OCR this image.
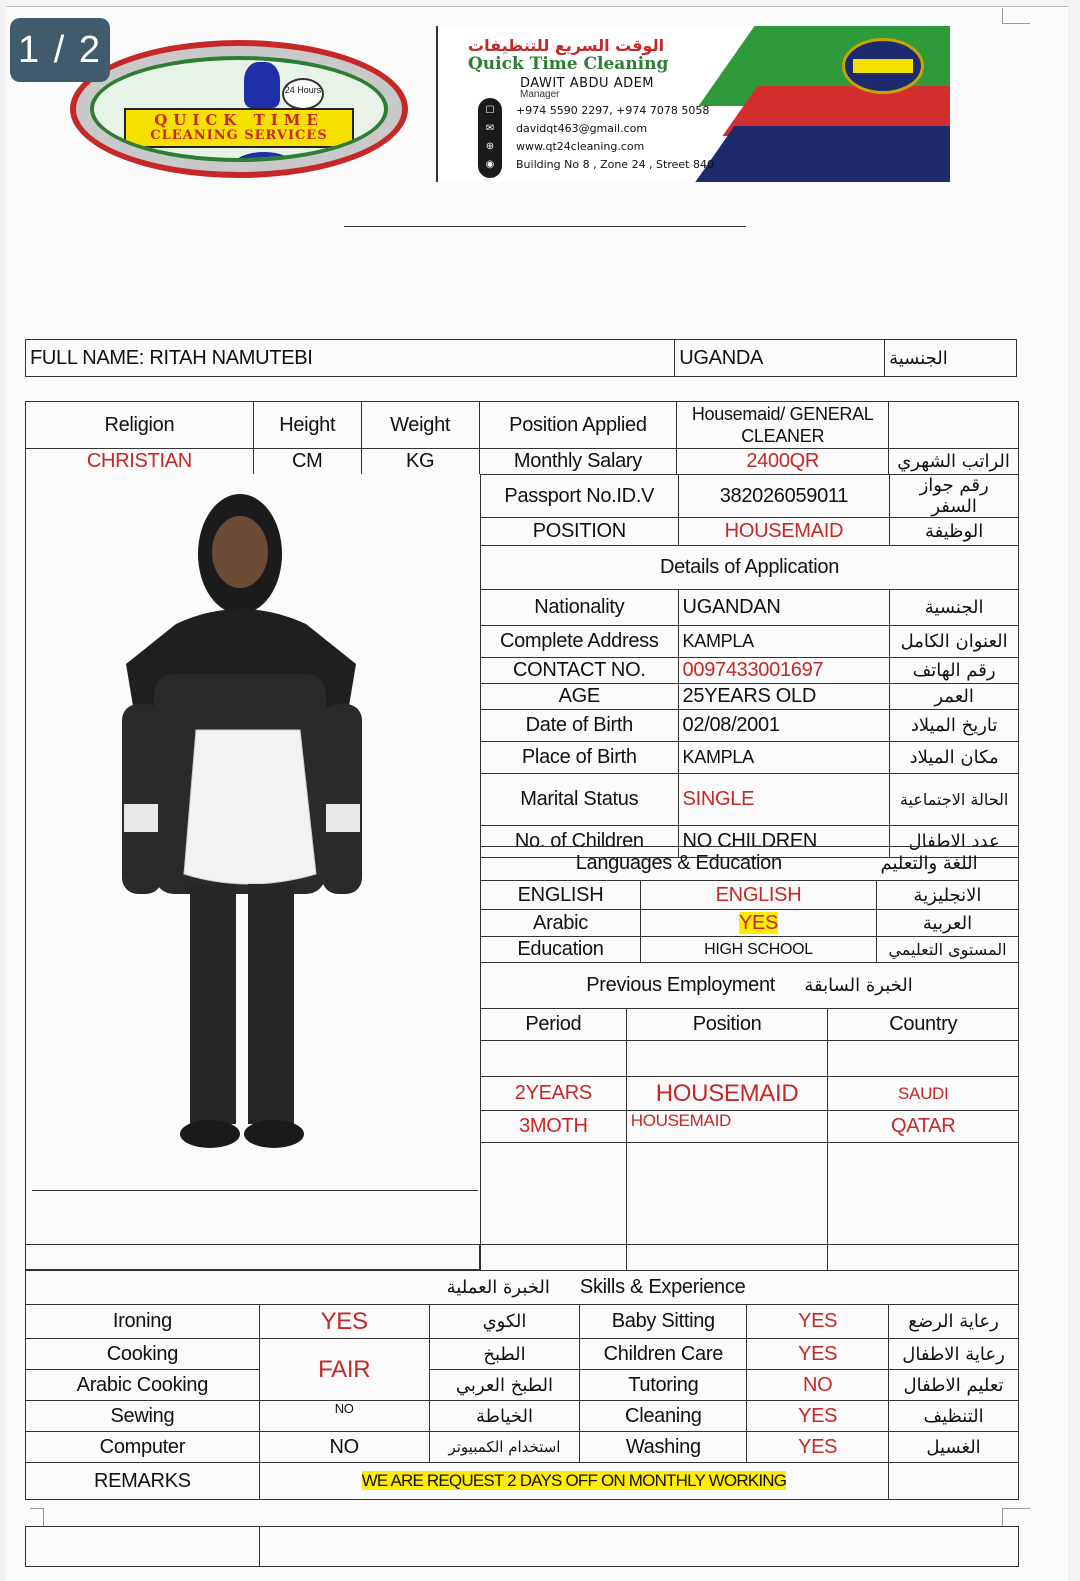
1 / 2
24 Hours
QUICK TIME
CLEANING SERVICES
الوقت السريع للتنظيفات
Quick Time Cleaning
DAWIT ABDU ADEM
Manager
☐
✉
⊕
◉
+974 5590 2297, +974 7078 5058
davidqt463@gmail.com
www.qt24cleaning.com
Building No 8 , Zone 24 , Street 840
FULL NAME: RITAH NAMUTEBI	UGANDA	الجنسية
Religion	Height	Weight	Position Applied	Housemaid/ GENERAL CLEANER	
CHRISTIAN	CM	KG	Monthly Salary	2400QR	الراتب الشهري
Passport No.ID.V	382026059011	رقم جواز السفر
POSITION	HOUSEMAID	الوظيفة
Details of Application		
Nationality	UGANDAN	الجنسية
Complete Address	KAMPLA	العنوان الكامل
CONTACT NO.	0097433001697	رقم الهاتف
AGE	25YEARS OLD	العمر
Date of Birth	02/08/2001	تاريخ الميلاد
Place of Birth	KAMPLA	مكان الميلاد
Marital Status	SINGLE	الحالة الاجتماعية
No. of Children	NO CHILDREN	عدد الاطفال
Languages & Education		اللغة والتعليم
ENGLISH	ENGLISH	الانجليزية
Arabic	YES	العربية
Education	HIGH SCHOOL	المستوى التعليمي
Previous Employment الخبرة السابقة		
Period	Position	Country

2YEARS	HOUSEMAID	SAUDI
3MOTH	HOUSEMAID	QATAR

الخبرة العملية			Skills & Experience		
Ironing	YES	الكوي	Baby Sitting	YES	رعاية الرضع
Cooking	FAIR	الطبخ	Children Care	YES	رعاية الاطفال
Arabic Cooking		الطبخ العربي	Tutoring	NO	تعليم الاطفال
Sewing	NO	الخياطة	Cleaning	YES	التنظيف
Computer	NO	استخدام الكمبيوتر	Washing	YES	الغسيل
REMARKS	WE ARE REQUEST 2 DAYS OFF ON MONTHLY WORKING				
